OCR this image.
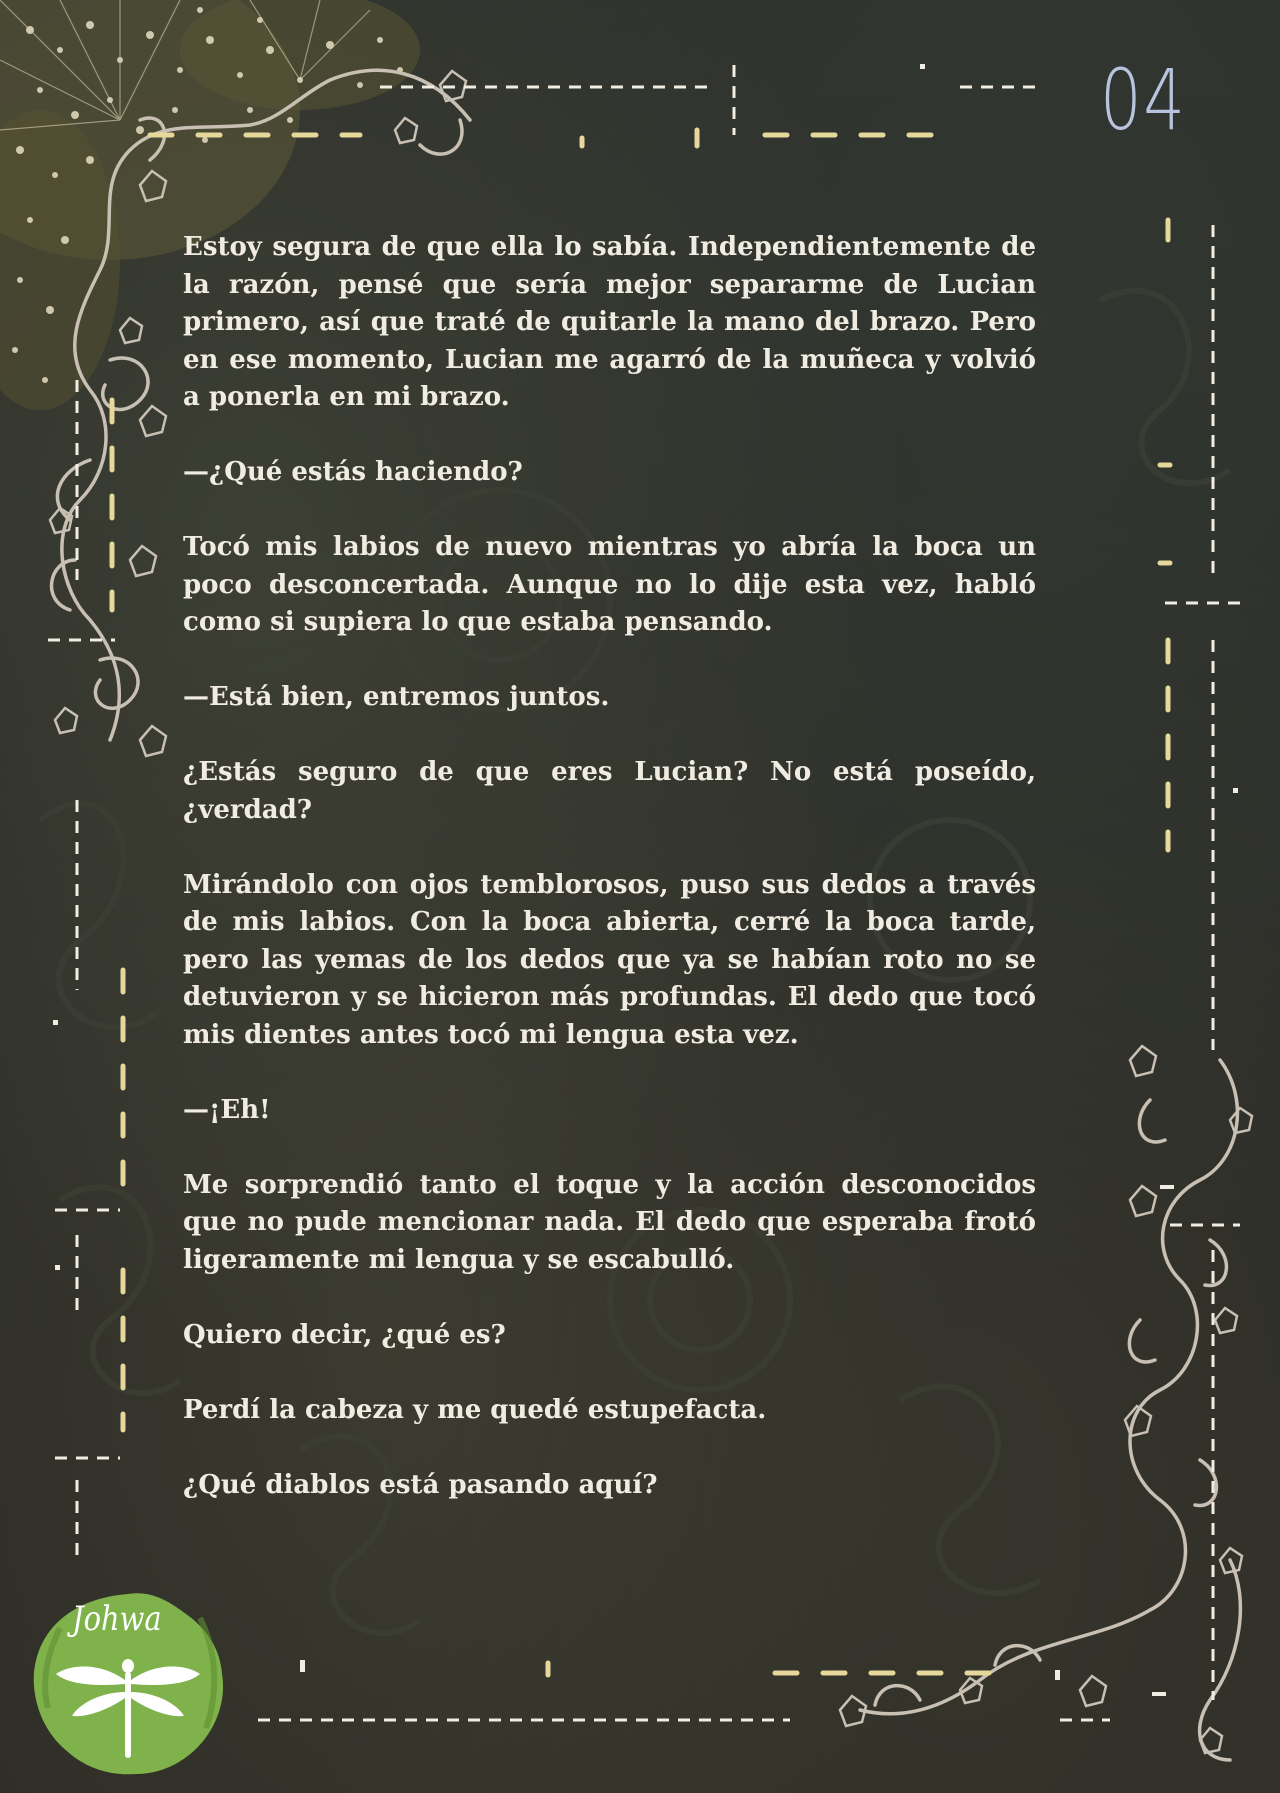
04

Estoy segura de que ella lo sabía. Independientemente de la razón, pensé que sería mejor separarme de Lucian primero, así que traté de quitarle la mano del brazo. Pero en ese momento, Lucian me agarró de la muñeca y volvió a ponerla en mi brazo.

—¿Qué estás haciendo?

Tocó mis labios de nuevo mientras yo abría la boca un poco desconcertada. Aunque no lo dije esta vez, habló como si supiera lo que estaba pensando.

—Está bien, entremos juntos.

¿Estás seguro de que eres Lucian? No está poseído, ¿verdad?

Mirándolo con ojos temblorosos, puso sus dedos a través de mis labios. Con la boca abierta, cerré la boca tarde, pero las yemas de los dedos que ya se habían roto no se detuvieron y se hicieron más profundas. El dedo que tocó mis dientes antes tocó mi lengua esta vez.

—¡Eh!

Me sorprendió tanto el toque y la acción desconocidos que no pude mencionar nada. El dedo que esperaba frotó ligeramente mi lengua y se escabulló.

Quiero decir, ¿qué es?

Perdí la cabeza y me quedé estupefacta.

¿Qué diablos está pasando aquí?

Johwa
